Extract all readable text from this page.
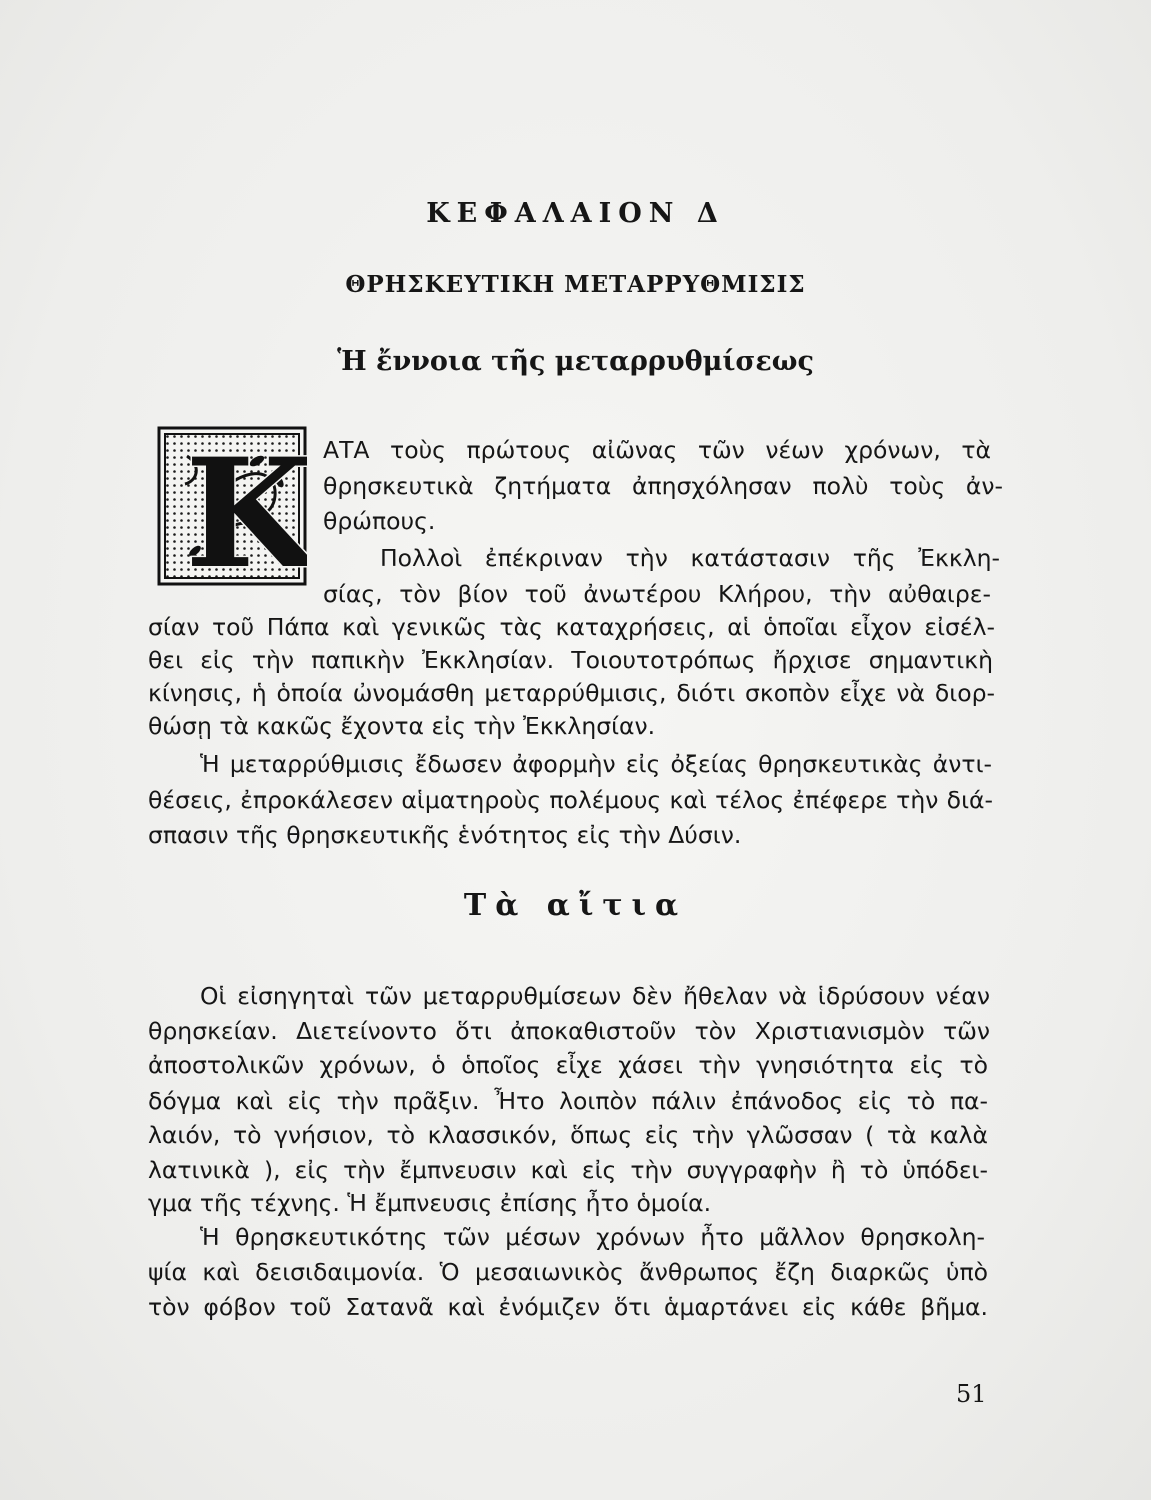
ΚΕΦΑΛΑΙΟΝ Δ
ΘΡΗΣΚΕΥΤΙΚΗ ΜΕΤΑΡΡΥΘΜΙΣΙΣ
Ἡ ἔννοια τῆς μεταρρυθμίσεως
Κ ΑΤΑ τοὺς πρώτους αἰῶνας τῶν νέων χρόνων, τὰ
θρησκευτικὰ ζητήματα ἀπησχόλησαν πολὺ τοὺς ἀν-
θρώπους.
Πολλοὶ ἐπέκριναν τὴν κατάστασιν τῆς Ἐκκλη-
σίας, τὸν βίον τοῦ ἀνωτέρου Κλήρου, τὴν αὐθαιρε-
σίαν τοῦ Πάπα καὶ γενικῶς τὰς καταχρήσεις, αἱ ὁποῖαι εἶχον εἰσέλ-
θει εἰς τὴν παπικὴν Ἐκκλησίαν. Τοιουτοτρόπως ἤρχισε σημαντικὴ
κίνησις, ἡ ὁποία ὠνομάσθη μεταρρύθμισις, διότι σκοπὸν εἶχε νὰ διορ-
θώσῃ τὰ κακῶς ἔχοντα εἰς τὴν Ἐκκλησίαν.
Ἡ μεταρρύθμισις ἔδωσεν ἀφορμὴν εἰς ὀξείας θρησκευτικὰς ἀντι-
θέσεις, ἐπροκάλεσεν αἱματηροὺς πολέμους καὶ τέλος ἐπέφερε τὴν διά-
σπασιν τῆς θρησκευτικῆς ἑνότητος εἰς τὴν Δύσιν.
Τὰ αἴτια
Οἱ εἰσηγηταὶ τῶν μεταρρυθμίσεων δὲν ἤθελαν νὰ ἱδρύσουν νέαν
θρησκείαν. Διετείνοντο ὅτι ἀποκαθιστοῦν τὸν Χριστιανισμὸν τῶν
ἀποστολικῶν χρόνων, ὁ ὁποῖος εἶχε χάσει τὴν γνησιότητα εἰς τὸ
δόγμα καὶ εἰς τὴν πρᾶξιν. Ἦτο λοιπὸν πάλιν ἐπάνοδος εἰς τὸ πα-
λαιόν, τὸ γνήσιον, τὸ κλασσικόν, ὅπως εἰς τὴν γλῶσσαν ( τὰ καλὰ
λατινικὰ ), εἰς τὴν ἔμπνευσιν καὶ εἰς τὴν συγγραφὴν ἢ τὸ ὑπόδει-
γμα τῆς τέχνης. Ἡ ἔμπνευσις ἐπίσης ἦτο ὁμοία.
Ἡ θρησκευτικότης τῶν μέσων χρόνων ἦτο μᾶλλον θρησκολη-
ψία καὶ δεισιδαιμονία. Ὁ μεσαιωνικὸς ἄνθρωπος ἔζη διαρκῶς ὑπὸ
τὸν φόβον τοῦ Σατανᾶ καὶ ἐνόμιζεν ὅτι ἁμαρτάνει εἰς κάθε βῆμα.
51
